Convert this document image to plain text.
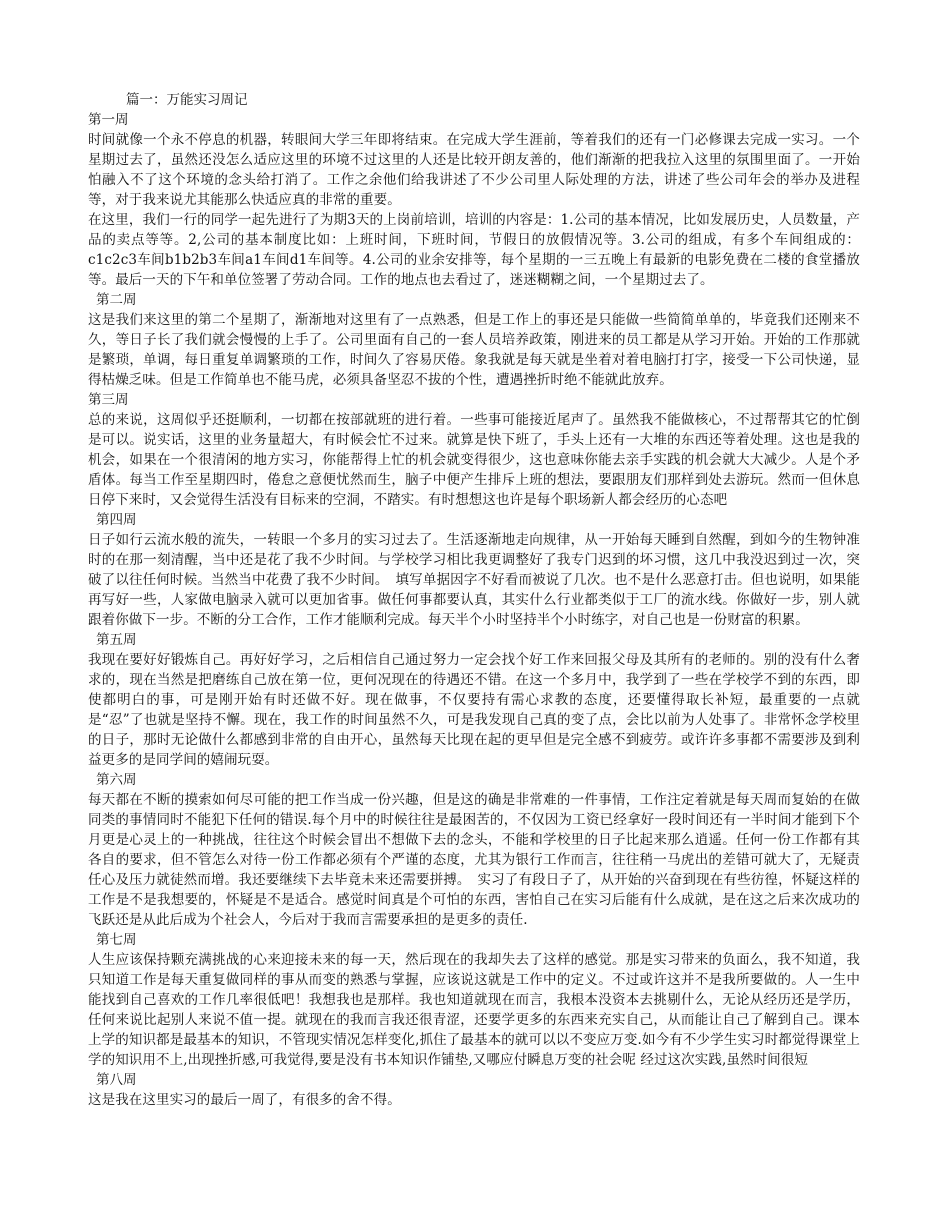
篇一：万能实习周记

第一周

时间就像一个永不停息的机器，转眼间大学三年即将结束。在完成大学生涯前，等着我们的还有一门必修课去完成一实习。一个星期过去了，虽然还没怎么适应这里的环境不过这里的人还是比较开朗友善的，他们渐渐的把我拉入这里的氛围里面了。一开始怕融入不了这个环境的念头给打消了。工作之余他们给我讲述了不少公司里人际处理的方法，讲述了些公司年会的举办及进程等，对于我来说尤其能那么快适应真的非常的重要。

在这里，我们一行的同学一起先进行了为期3天的上岗前培训，培训的内容是：1.公司的基本情况，比如发展历史，人员数量，产品的卖点等等。2,公司的基本制度比如：上班时间，下班时间，节假日的放假情况等。3.公司的组成，有多个车间组成的：c1c2c3车间b1b2b3车间a1车间d1车间等。4.公司的业余安排等，每个星期的一三五晚上有最新的电影免费在二楼的食堂播放等。最后一天的下午和单位签署了劳动合同。工作的地点也去看过了，迷迷糊糊之间，一个星期过去了。

第二周

这是我们来这里的第二个星期了，渐渐地对这里有了一点熟悉，但是工作上的事还是只能做一些简简单单的，毕竟我们还刚来不久，等日子长了我们就会慢慢的上手了。公司里面有自己的一套人员培养政策，刚进来的员工都是从学习开始。开始的工作那就是繁琐，单调，每日重复单调繁琐的工作，时间久了容易厌倦。象我就是每天就是坐着对着电脑打打字，接受一下公司快递，显得枯燥乏味。但是工作简单也不能马虎，必须具备坚忍不拔的个性，遭遇挫折时绝不能就此放弃。

第三周

总的来说，这周似乎还挺顺利，一切都在按部就班的进行着。一些事可能接近尾声了。虽然我不能做核心，不过帮帮其它的忙倒是可以。说实话，这里的业务量超大，有时候会忙不过来。就算是快下班了，手头上还有一大堆的东西还等着处理。这也是我的机会，如果在一个很清闲的地方实习，你能帮得上忙的机会就变得很少，这也意味你能去亲手实践的机会就大大减少。人是个矛盾体。每当工作至星期四时，倦怠之意便忧然而生，脑子中便产生排斥上班的想法，要跟朋友们那样到处去游玩。然而一但休息日停下来时，又会觉得生活没有目标来的空洞，不踏实。有时想想这也许是每个职场新人都会经历的心态吧

第四周

日子如行云流水般的流失，一转眼一个多月的实习过去了。生活逐渐地走向规律，从一开始每天睡到自然醒，到如今的生物钟准时的在那一刻清醒，当中还是花了我不少时间。与学校学习相比我更调整好了我专门迟到的坏习惯，这几中我没迟到过一次，突破了以往任何时候。当然当中花费了我不少时间。　填写单据因字不好看而被说了几次。也不是什么恶意打击。但也说明，如果能再写好一些，人家做电脑录入就可以更加省事。做任何事都要认真，其实什么行业都类似于工厂的流水线。你做好一步，别人就跟着你做下一步。不断的分工合作，工作才能顺利完成。每天半个小时坚持半个小时练字，对自己也是一份财富的积累。

第五周

我现在要好好锻炼自己。再好好学习，之后相信自己通过努力一定会找个好工作来回报父母及其所有的老师的。别的没有什么奢求的，现在当然是把磨练自己放在第一位，更何况现在的待遇还不错。在这一个多月中，我学到了一些在学校学不到的东西，即使都明白的事，可是刚开始有时还做不好。现在做事，不仅要持有需心求教的态度，还要懂得取长补短，最重要的一点就是“忍”了也就是坚持不懈。现在，我工作的时间虽然不久，可是我发现自己真的变了点，会比以前为人处事了。非常怀念学校里的日子，那时无论做什么都感到非常的自由开心，虽然每天比现在起的更早但是完全感不到疲劳。或许许多事都不需要涉及到利益更多的是同学间的嬉闹玩耍。

第六周

每天都在不断的摸索如何尽可能的把工作当成一份兴趣，但是这的确是非常难的一件事情，工作注定着就是每天周而复始的在做同类的事情同时不能犯下任何的错误.每个月中的时候往往是最困苦的，不仅因为工资已经拿好一段时间还有一半时间才能到下个月更是心灵上的一种挑战，往往这个时候会冒出不想做下去的念头，不能和学校里的日子比起来那么逍遥。任何一份工作都有其各自的要求，但不管怎么对待一份工作都必须有个严谨的态度，尤其为银行工作而言，往往稍一马虎出的差错可就大了，无疑责任心及压力就徒然而增。我还要继续下去毕竟未来还需要拼搏。　实习了有段日子了，从开始的兴奋到现在有些彷徨，怀疑这样的工作是不是我想要的，怀疑是不是适合。感觉时间真是个可怕的东西，害怕自己在实习后能有什么成就，是在这之后来次成功的飞跃还是从此后成为个社会人，今后对于我而言需要承担的是更多的责任.

第七周

人生应该保持颗充满挑战的心来迎接未来的每一天，然后现在的我却失去了这样的感觉。那是实习带来的负面么，我不知道，我只知道工作是每天重复做同样的事从而变的熟悉与掌握，应该说这就是工作中的定义。不过或许这并不是我所要做的。人一生中能找到自己喜欢的工作几率很低吧！我想我也是那样。我也知道就现在而言，我根本没资本去挑剔什么，无论从经历还是学历，任何来说比起别人来说不值一提。就现在的我而言我还很青涩，还要学更多的东西来充实自己，从而能让自己了解到自己。课本上学的知识都是最基本的知识，不管现实情况怎样变化,抓住了最基本的就可以以不变应万变.如今有不少学生实习时都觉得课堂上学的知识用不上,出现挫折感,可我觉得,要是没有书本知识作铺垫,又哪应付瞬息万变的社会呢 经过这次实践,虽然时间很短

第八周

这是我在这里实习的最后一周了，有很多的舍不得。
